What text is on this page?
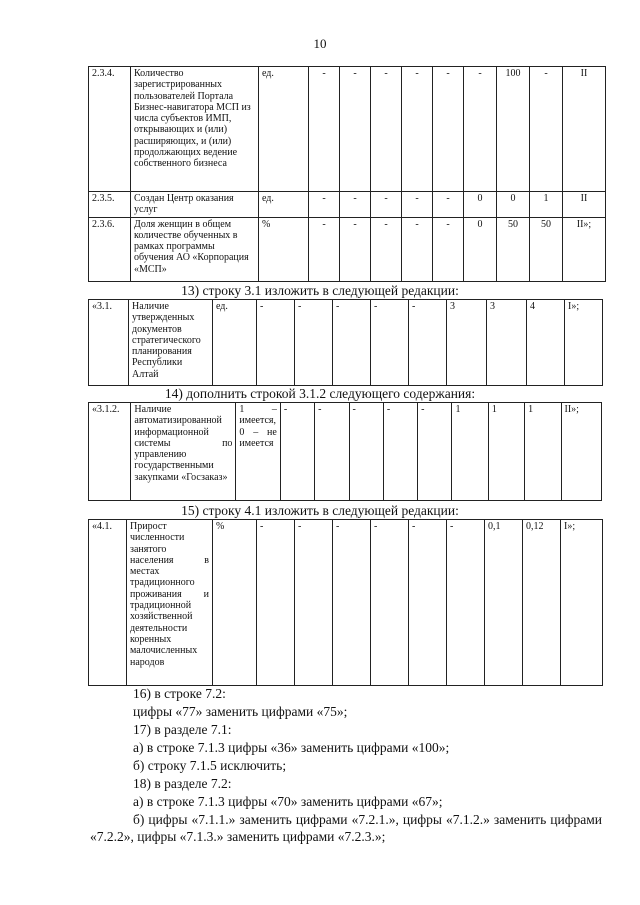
10
2.3.4.	Количество зарегистрированных пользователей Портала Бизнес-навигатора МСП из числа субъектов ИМП, открывающих и (или) расширяющих, и (или) продолжающих ведение собственного бизнеса	ед.	-	-	-	-	-	-	100	-	II
2.3.5.	Создан Центр оказания услуг	ед.	-	-	-	-	-	0	0	1	II
2.3.6.	Доля женщин в общем количестве обученных в рамках программы обучения АО «Корпорация «МСП»	%	-	-	-	-	-	0	50	50	II»;
13) строку 3.1 изложить в следующей редакции:
«3.1.	Наличие утвержденных документов стратегического планирования Республики Алтай	ед.	-	-	-	-	-	3	3	4	I»;
14) дополнить строкой 3.1.2 следующего содержания:
«3.1.2.	Наличие автоматизированной информационной системы по управлению государственными закупками «Госзаказ»	1 – имеется, 0 – не имеется	-	-	-	-	-	1	1	1	II»;
15) строку 4.1 изложить в следующей редакции:
«4.1.	Прирост численности занятого населения в местах традиционного проживания и традиционной хозяйственной деятельности коренных малочисленных народов	%	-	-	-	-	-	-	0,1	0,12	I»;
16) в строке 7.2:
цифры «77» заменить цифрами «75»;
17) в разделе 7.1:
а) в строке 7.1.3 цифры «36» заменить цифрами «100»;
б) строку 7.1.5 исключить;
18) в разделе 7.2:
а) в строке 7.1.3 цифры «70» заменить цифрами «67»;
б) цифры «7.1.1.» заменить цифрами «7.2.1.», цифры «7.1.2.» заменить цифрами «7.2.2», цифры «7.1.3.» заменить цифрами «7.2.3.»;
